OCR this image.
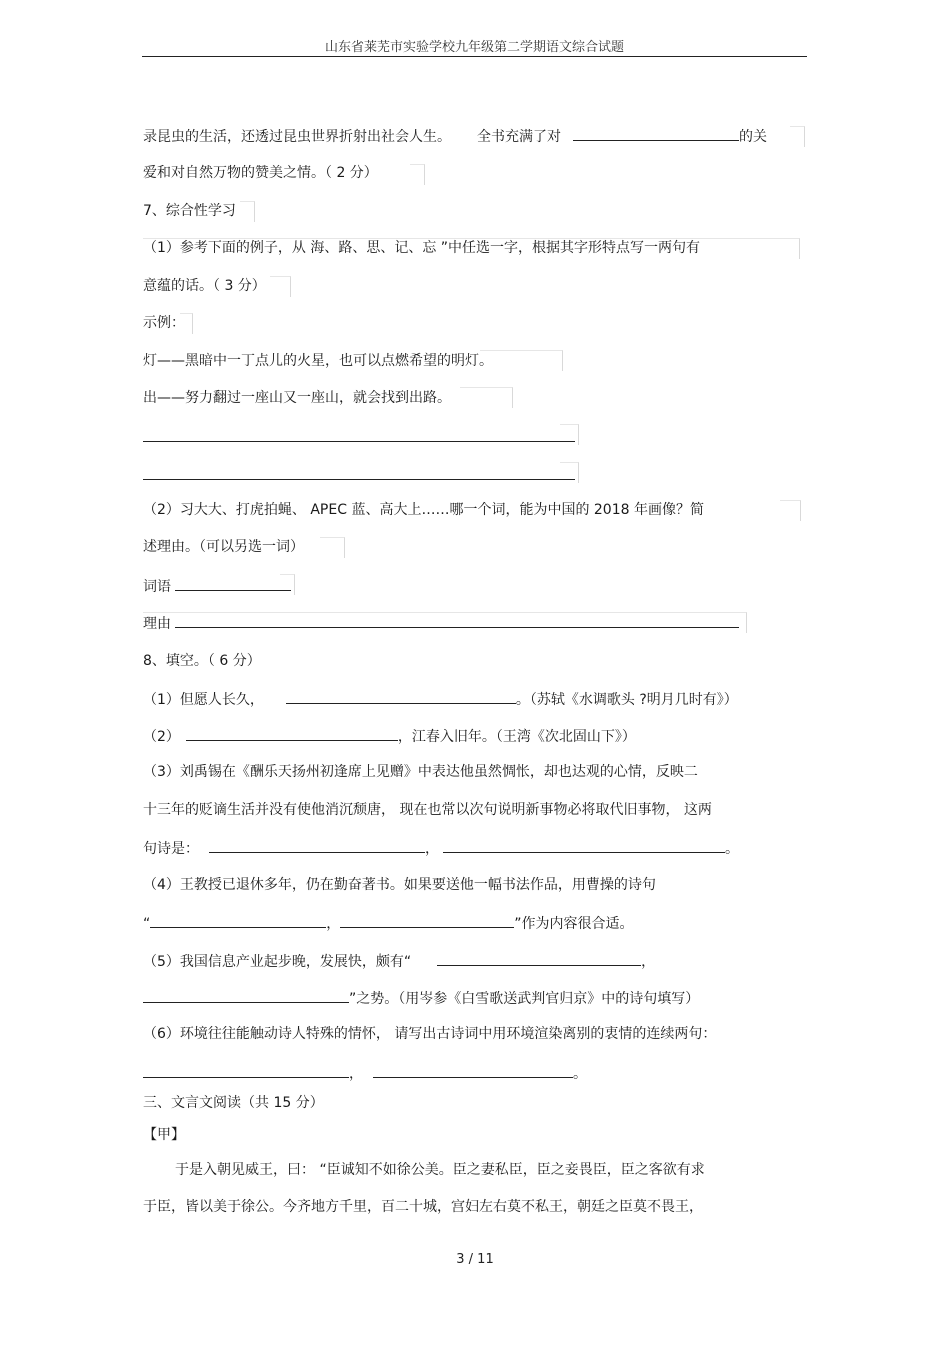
山东省莱芜市实验学校九年级第二学期语文综合试题
录昆虫的生活，还透过昆虫世界折射出社会人生。 全书充满了对	的关
爱和对自然万物的赞美之情。（ 2 分）
7、综合性学习
（1）参考下面的例子，从 海、路、思、记、忘 ”中任选一字，根据其字形特点写一两句有
意蕴的话。（ 3 分）
示例：
灯——黑暗中一丁点儿的火星，也可以点燃希望的明灯。
出——努力翻过一座山又一座山，就会找到出路。
（2）习大大、打虎拍蝇、 APEC 蓝、高大上……哪一个词，能为中国的 2018 年画像？简
述理由。（可以另选一词）
词语
理由
8、填空。（ 6 分）
（1）但愿人长久，	。（苏轼《水调歌头 ?明月几时有》）
（2）	，江春入旧年。（王湾《次北固山下》）
（3）刘禹锡在《酬乐天扬州初逢席上见赠》中表达他虽然惆怅，却也达观的心情，反映二
十三年的贬谪生活并没有使他消沉颓唐， 现在也常以次句说明新事物必将取代旧事物， 这两
句诗是：	，	。
（4）王教授已退休多年，仍在勤奋著书。如果要送他一幅书法作品，用曹操的诗句
“	，	”作为内容很合适。
（5）我国信息产业起步晚，发展快，颇有“	，
”之势。（用岑参《白雪歌送武判官归京》中的诗句填写）
（6）环境往往能触动诗人特殊的情怀， 请写出古诗词中用环境渲染离别的衷情的连续两句：
，	。
三、文言文阅读（共 15 分）
【甲】
于是入朝见威王，曰： “臣诚知不如徐公美。臣之妻私臣，臣之妾畏臣，臣之客欲有求
于臣，皆以美于徐公。今齐地方千里，百二十城，宫妇左右莫不私王，朝廷之臣莫不畏王，
3 / 11
